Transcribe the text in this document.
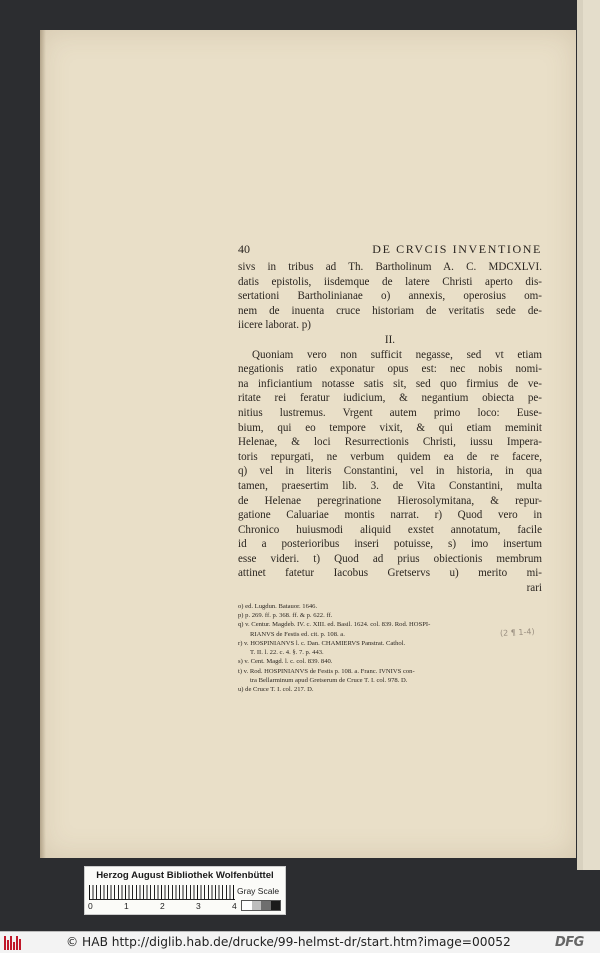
40	DE CRVCIS INVENTIONE
sivs in tribus ad Th. Bartholinum A. C. MDCXLVI.
datis epistolis, iisdemque de latere Christi aperto dis-
sertationi Bartholinianae o) annexis, operosius om-
nem de inuenta cruce historiam de veritatis sede de-
iicere laborat. p)
II.
Quoniam vero non sufficit negasse, sed vt etiam
negationis ratio exponatur opus est: nec nobis nomi-
na inficiantium notasse satis sit, sed quo firmius de ve-
ritate rei feratur iudicium, & negantium obiecta pe-
nitius lustremus. Vrgent autem primo loco: Euse-
bium, qui eo tempore vixit, & qui etiam meminit
Helenae, & loci Resurrectionis Christi, iussu Impera-
toris repurgati, ne verbum quidem ea de re facere,
q) vel in literis Constantini, vel in historia, in qua
tamen, praesertim lib. 3. de Vita Constantini, multa
de Helenae peregrinatione Hierosolymitana, & repur-
gatione Caluariae montis narrat. r) Quod vero in
Chronico huiusmodi aliquid exstet annotatum, facile
id a posterioribus inseri potuisse, s) imo insertum
esse videri. t) Quod ad prius obiectionis membrum
attinet fatetur Iacobus Gretservs u) merito mi-
rari
o) ed. Lugdun. Batauor. 1646.
p) p. 269. ff. p. 368. ff. & p. 622. ff.
q) v. Centur. Magdeb. IV. c. XIII. ed. Basil. 1624. col. 839. Rod. HOSPI-
RIANVS de Festis ed. cit. p. 108. a.
r) v. HOSPINIANVS l. c. Dan. CHAMIERVS Panstrat. Cathol.
T. II. l. 22. c. 4. §. 7. p. 443.
s) v. Cent. Magd. l. c. col. 839. 840.
t) v. Rod. HOSPINIANVS de Festis p. 108. a. Franc. IVNIVS con-
tra Bellarminum apud Gretserum de Cruce T. I. col. 978. D.
u) de Cruce T. I. col. 217. D.
(2 ¶ 1-4)
Herzog August Bibliothek Wolfenbüttel
0	1	2	3	4
Gray Scale
© HAB http://diglib.hab.de/drucke/99-helmst-dr/start.htm?image=00052	DFG
